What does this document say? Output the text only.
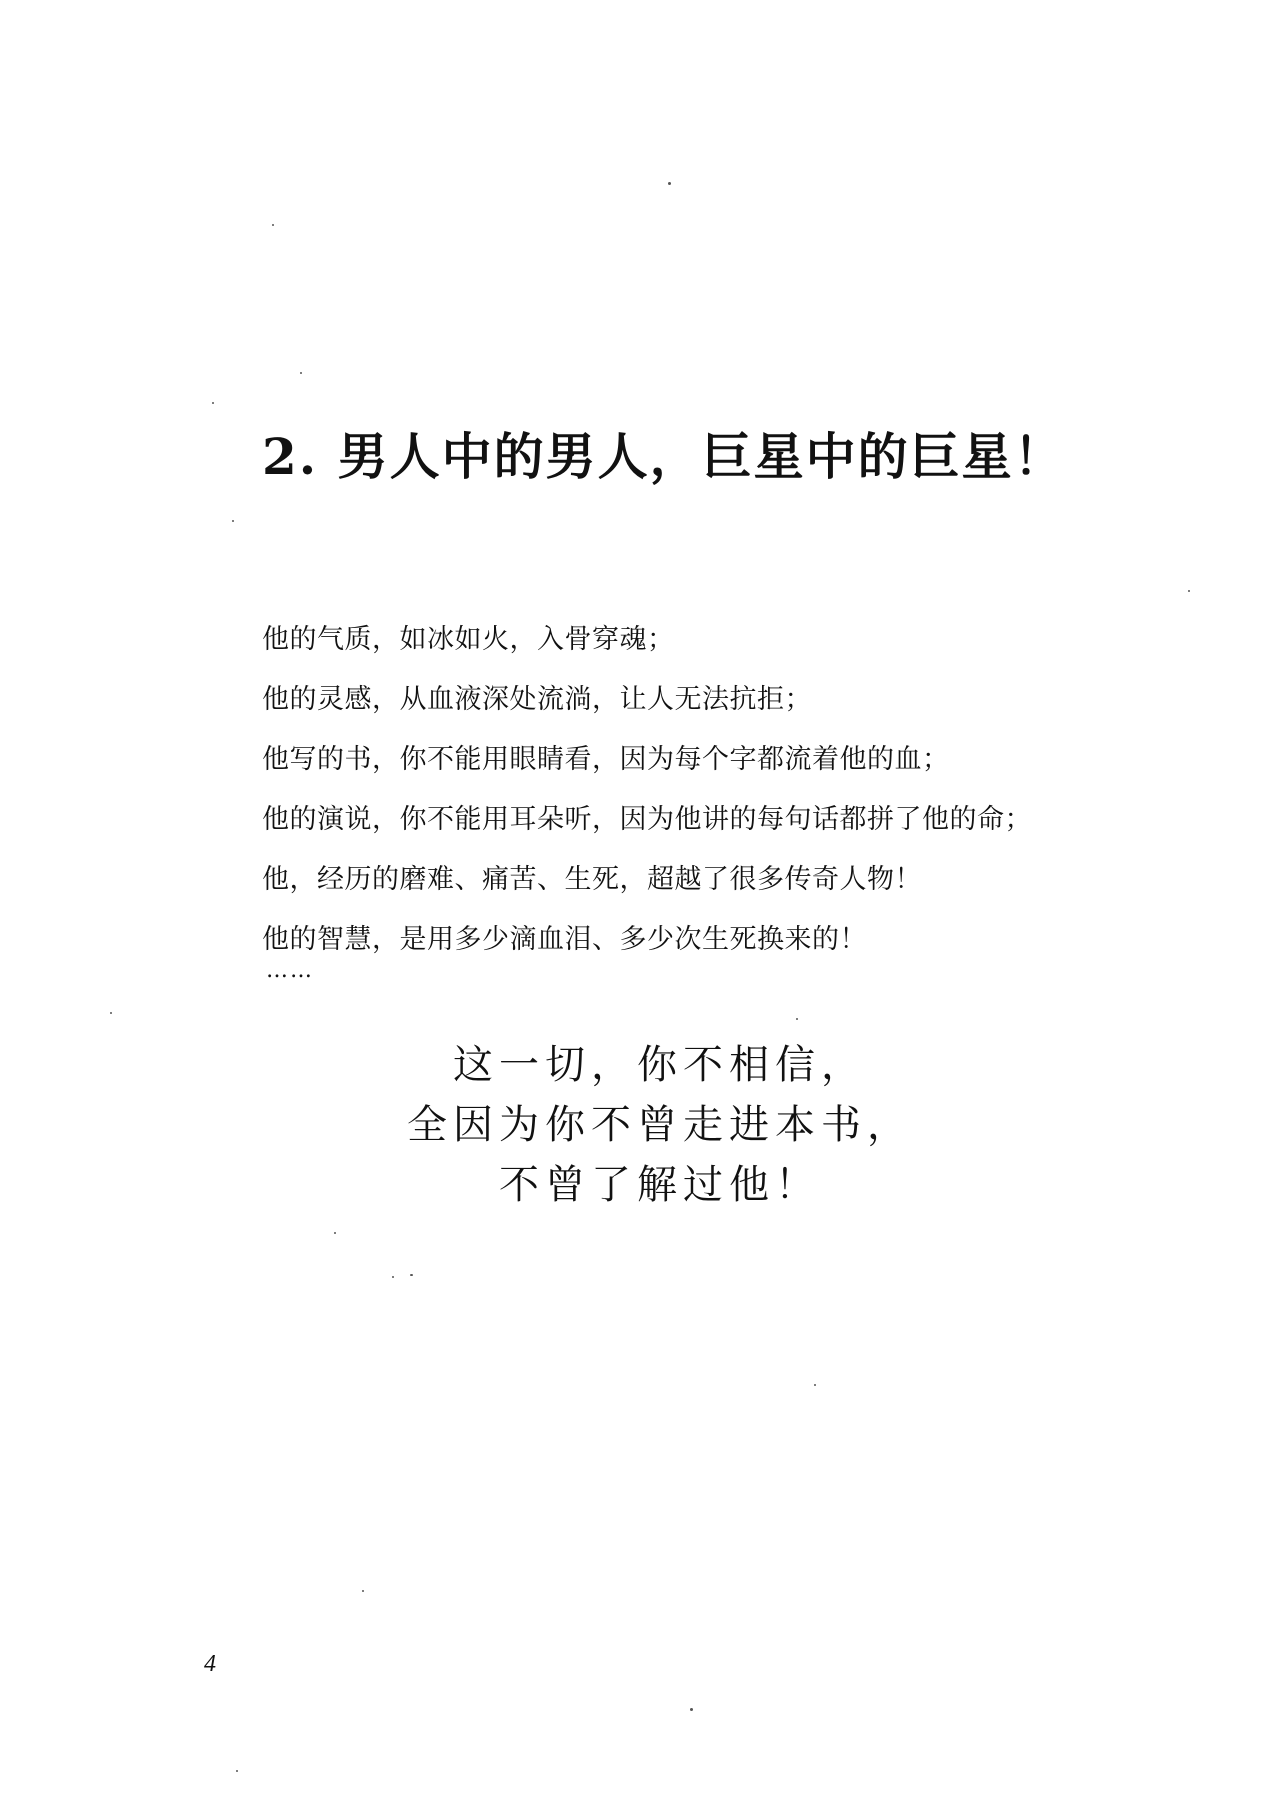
2. 男人中的男人，巨星中的巨星！
他的气质，如冰如火，入骨穿魂；
他的灵感，从血液深处流淌，让人无法抗拒；
他写的书，你不能用眼睛看，因为每个字都流着他的血；
他的演说，你不能用耳朵听，因为他讲的每句话都拼了他的命；
他，经历的磨难、痛苦、生死，超越了很多传奇人物！
他的智慧，是用多少滴血泪、多少次生死换来的！
……
这一切，你不相信，
全因为你不曾走进本书，
不曾了解过他！
4
